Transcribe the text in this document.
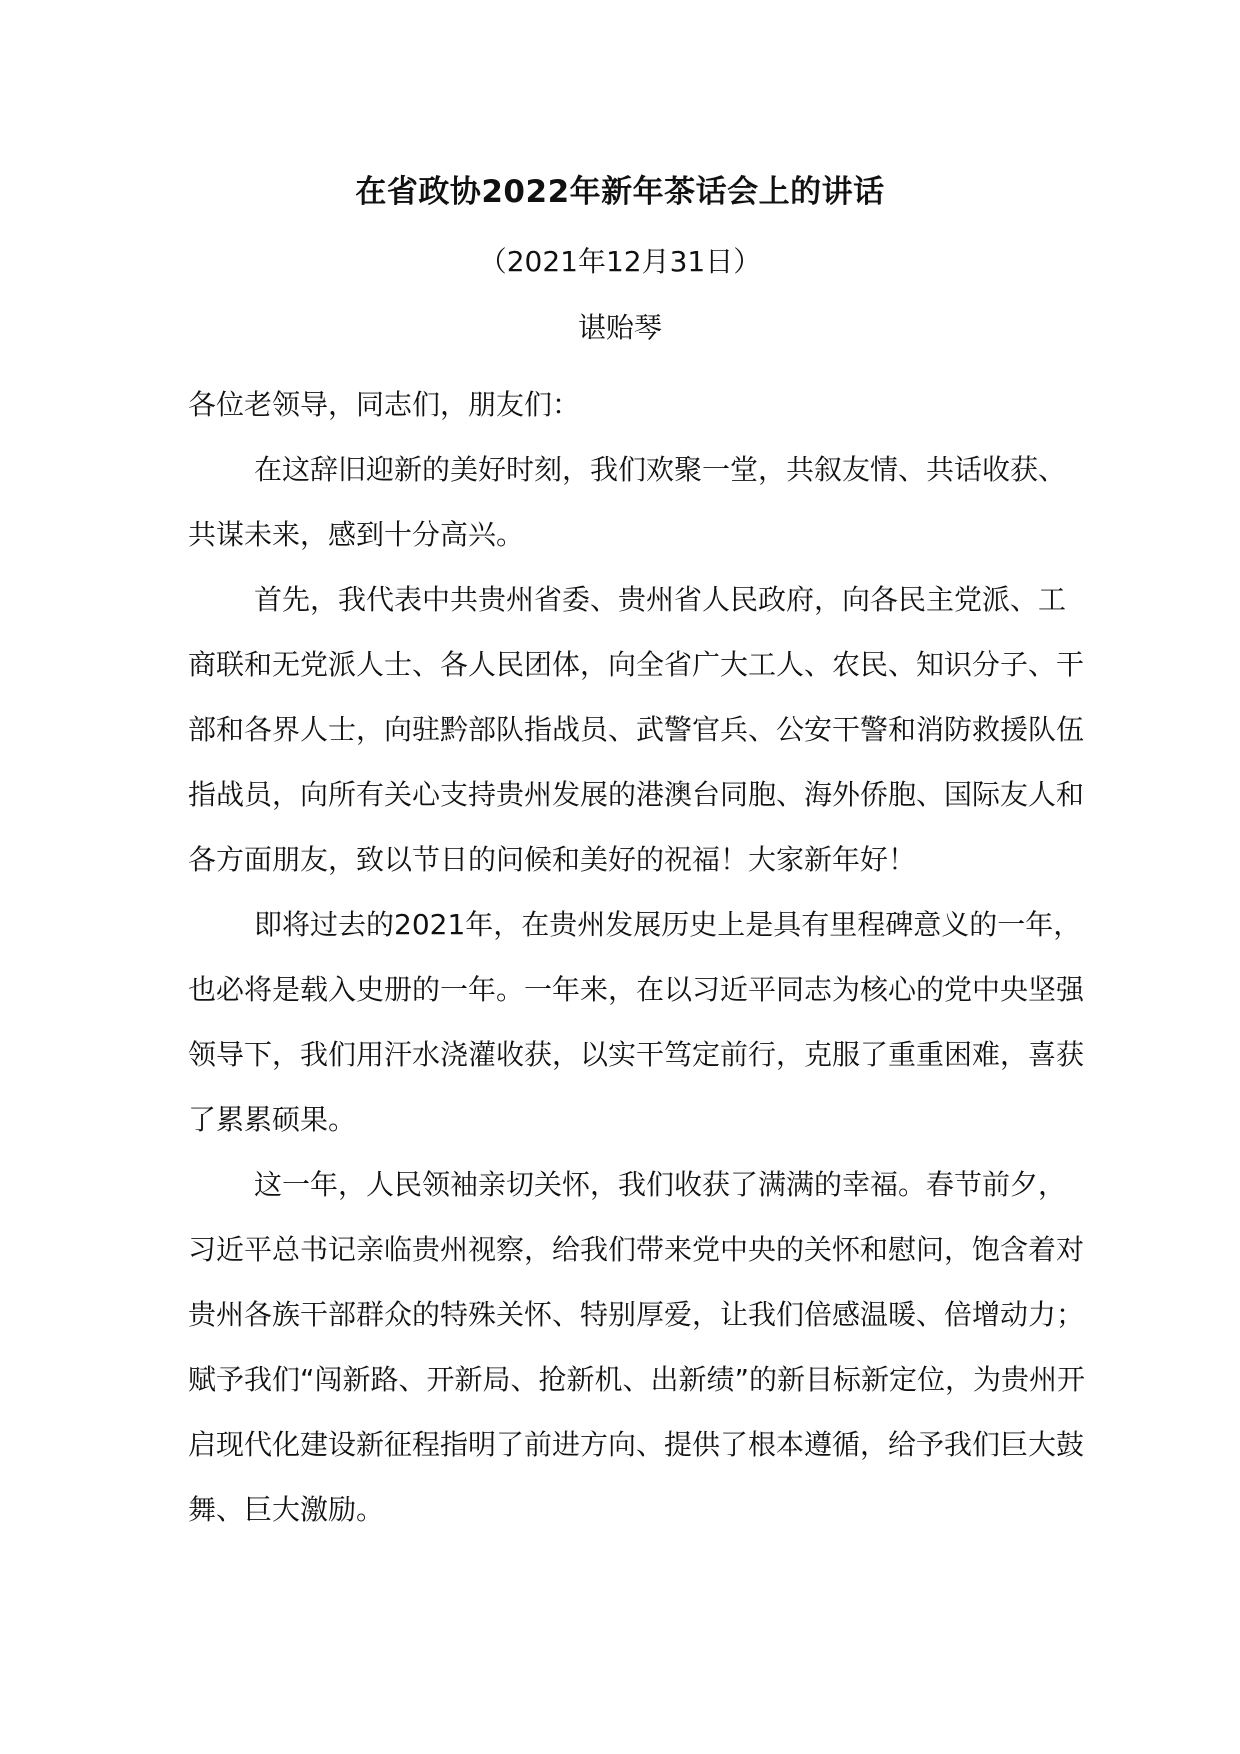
在省政协2022年新年茶话会上的讲话
（2021年12月31日）
谌贻琴

各位老领导，同志们，朋友们：

在这辞旧迎新的美好时刻，我们欢聚一堂，共叙友情、共话收获、共谋未来，感到十分高兴。

首先，我代表中共贵州省委、贵州省人民政府，向各民主党派、工商联和无党派人士、各人民团体，向全省广大工人、农民、知识分子、干部和各界人士，向驻黔部队指战员、武警官兵、公安干警和消防救援队伍指战员，向所有关心支持贵州发展的港澳台同胞、海外侨胞、国际友人和各方面朋友，致以节日的问候和美好的祝福！大家新年好！

即将过去的2021年，在贵州发展历史上是具有里程碑意义的一年，也必将是载入史册的一年。一年来，在以习近平同志为核心的党中央坚强领导下，我们用汗水浇灌收获，以实干笃定前行，克服了重重困难，喜获了累累硕果。

这一年，人民领袖亲切关怀，我们收获了满满的幸福。春节前夕，习近平总书记亲临贵州视察，给我们带来党中央的关怀和慰问，饱含着对贵州各族干部群众的特殊关怀、特别厚爱，让我们倍感温暖、倍增动力；赋予我们“闯新路、开新局、抢新机、出新绩”的新目标新定位，为贵州开启现代化建设新征程指明了前进方向、提供了根本遵循，给予我们巨大鼓舞、巨大激励。
